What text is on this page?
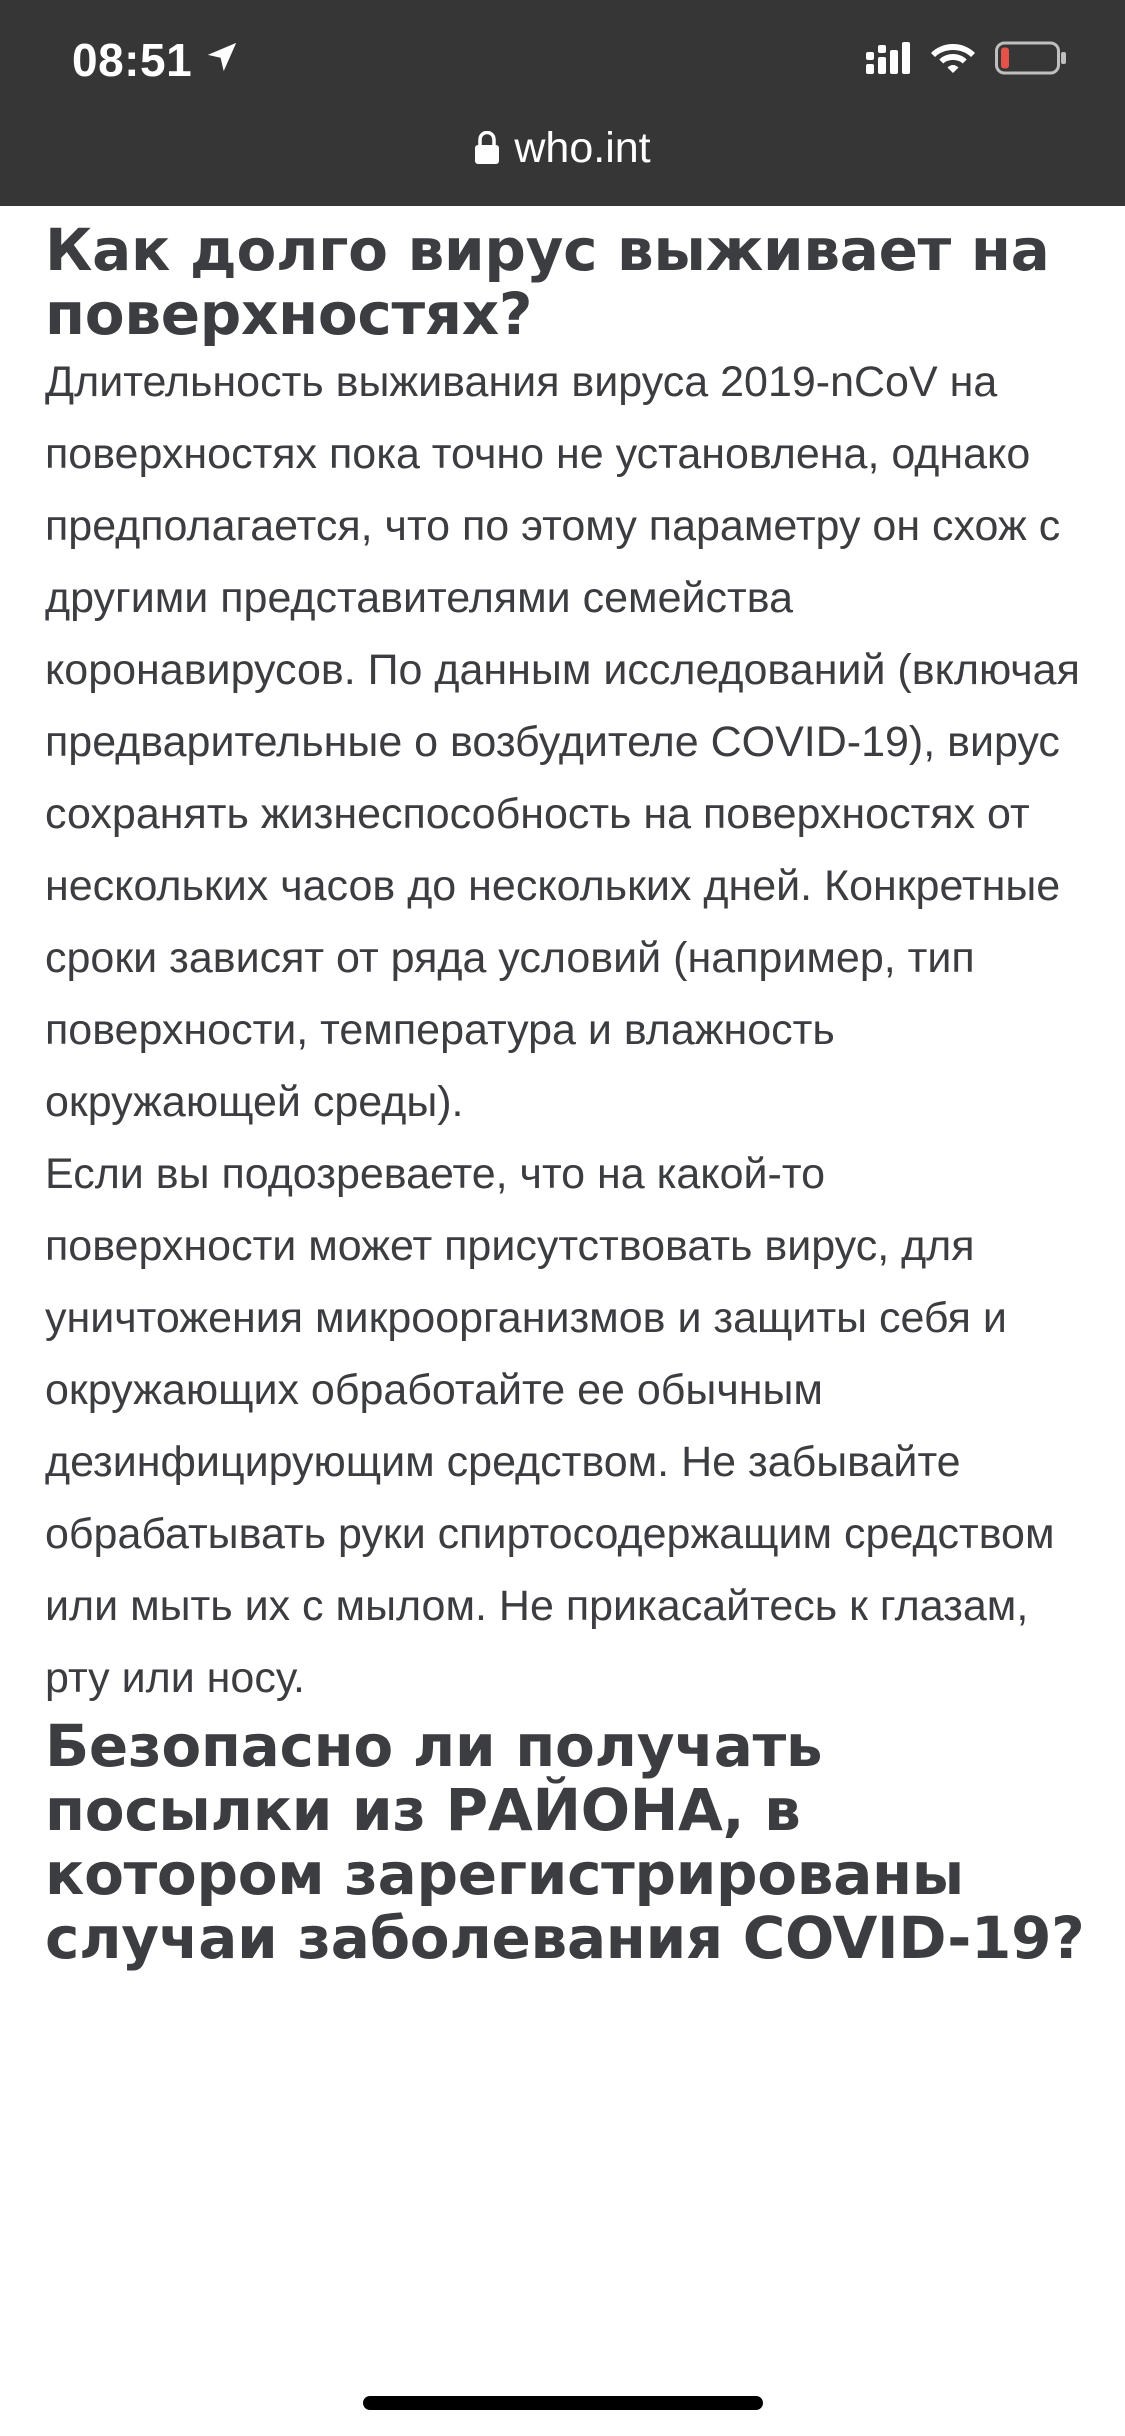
08:51
who.int
Как долго вирус выживает на поверхностях?

Длительность выживания вируса 2019-nCoV на поверхностях пока точно не установлена, однако предполагается, что по этому параметру он схож с другими представителями семейства коронавирусов. По данным исследований (включая предварительные о возбудителе COVID-19), вирус сохранять жизнеспособность на поверхностях от нескольких часов до нескольких дней. Конкретные сроки зависят от ряда условий (например, тип поверхности, температура и влажность окружающей среды).

Если вы подозреваете, что на какой-то поверхности может присутствовать вирус, для уничтожения микроорганизмов и защиты себя и окружающих обработайте ее обычным дезинфицирующим средством. Не забывайте обрабатывать руки спиртосодержащим средством или мыть их с мылом. Не прикасайтесь к глазам, рту или носу.

Безопасно ли получать посылки из РАЙОНА, в котором зарегистрированы случаи заболевания COVID-19?
